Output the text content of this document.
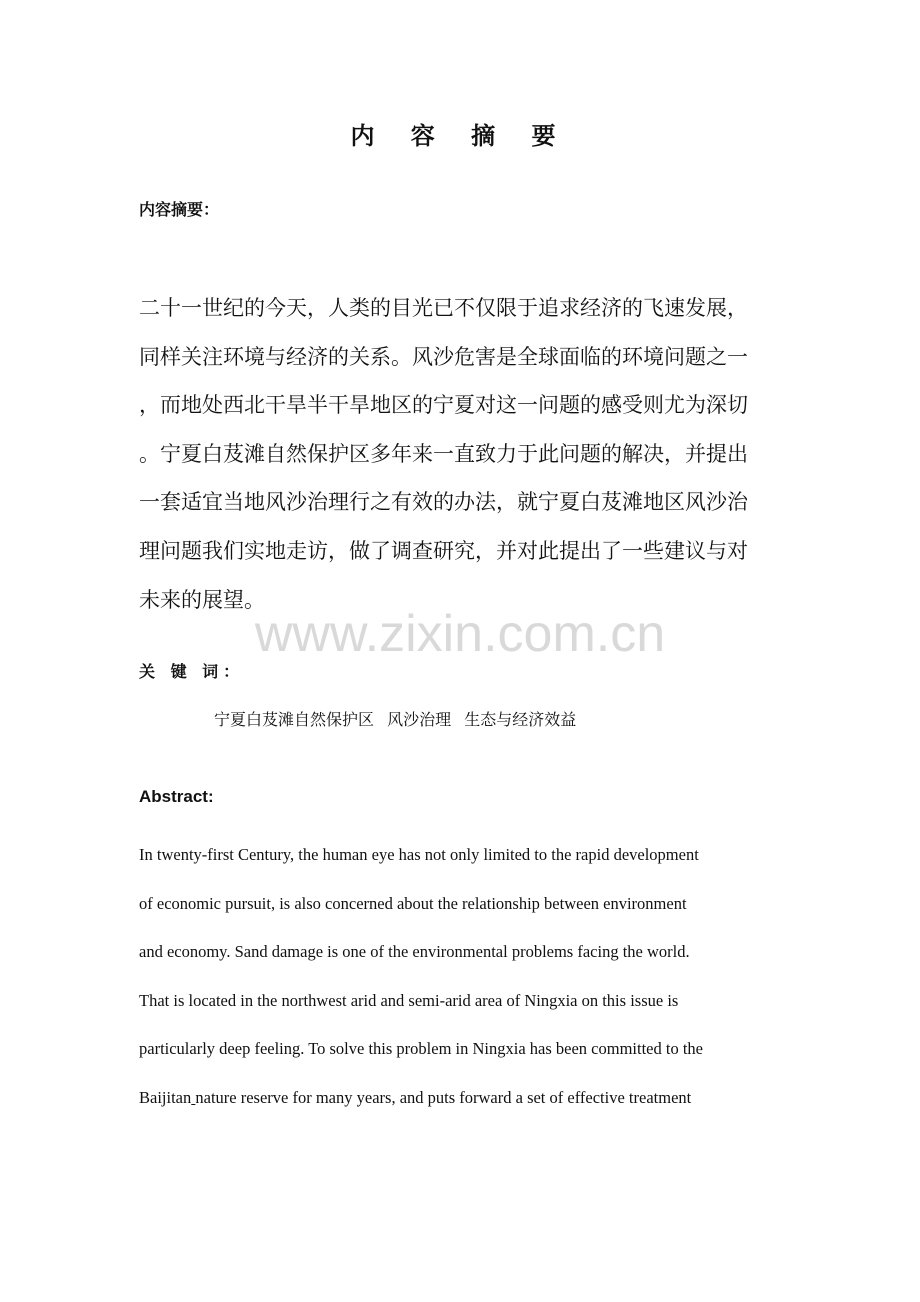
内 容 摘 要
内容摘要：
二十一世纪的今天，人类的目光已不仅限于追求经济的飞速发展，
同样关注环境与经济的关系。风沙危害是全球面临的环境问题之一
，而地处西北干旱半干旱地区的宁夏对这一问题的感受则尤为深切
。宁夏白芨滩自然保护区多年来一直致力于此问题的解决，并提出
一套适宜当地风沙治理行之有效的办法，就宁夏白芨滩地区风沙治
理问题我们实地走访，做了调查研究，并对此提出了一些建议与对
未来的展望。
www.zixin.com.cn
关 键 词：
宁夏白芨滩自然保护区 风沙治理 生态与经济效益
Abstract:
In twenty-first Century, the human eye has not only limited to the rapid development
of economic pursuit, is also concerned about the relationship between environment
and economy. Sand damage is one of the environmental problems facing the world.
That is located in the northwest arid and semi-arid area of Ningxia on this issue is
particularly deep feeling. To solve this problem in Ningxia has been committed to the
Baijitan nature reserve for many years, and puts forward a set of effective treatment
